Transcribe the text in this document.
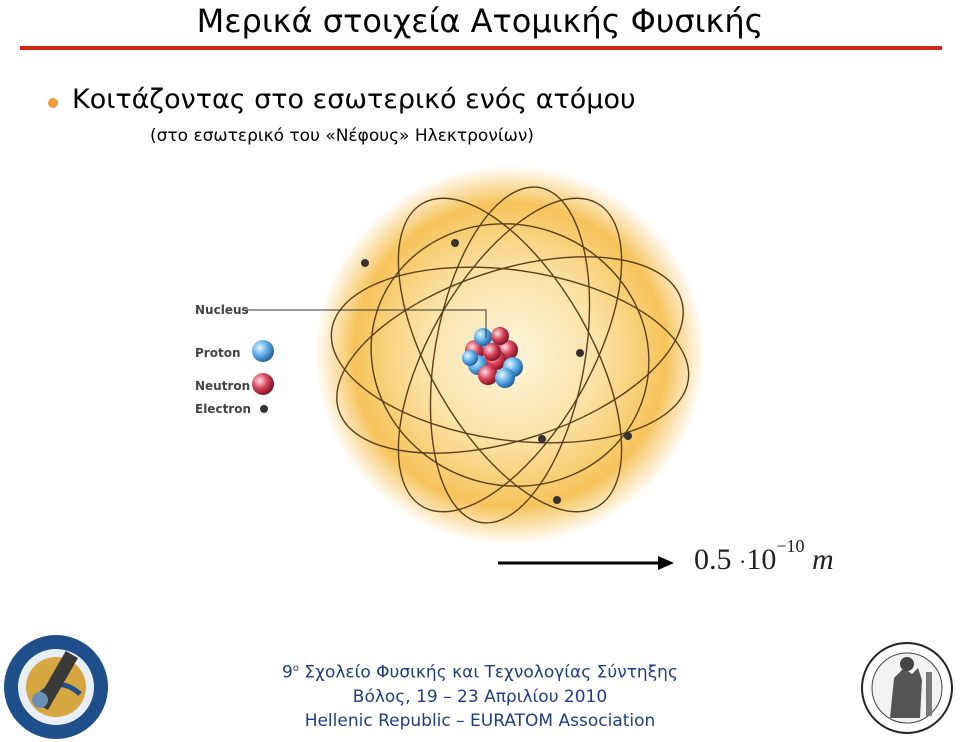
Μερικά στοιχεία Ατομικής Φυσικής
Κοιτάζοντας στο εσωτερικό ενός ατόμου
(στο εσωτερικό του «Νέφους» Ηλεκτρονίων)
Nucleus
Proton
Neutron
Electron
$0.5 \cdot 10^{-10}$ m
$9^o$ Σχολείο Φυσικής και Τεχνολογίας Σύντηξης
Βόλος, 19 – 23 Απριλίου 2010
Hellenic Republic – EURATOM Association
